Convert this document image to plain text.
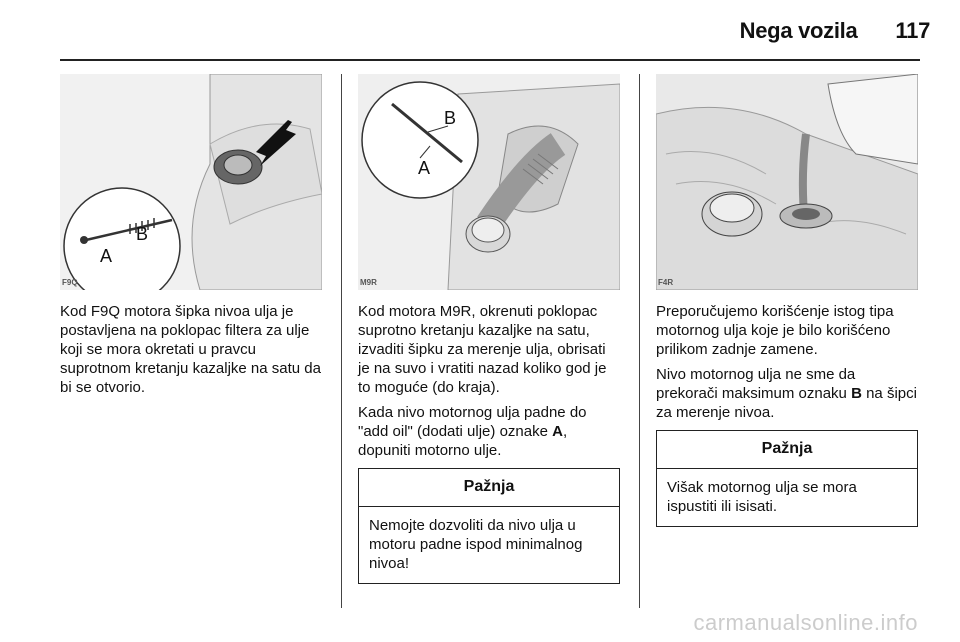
Nega vozila 117
A
B
F9Q

Kod F9Q motora šipka nivoa ulja je postavljena na poklopac filtera za ulje koji se mora okretati u pravcu suprotnom kretanju kazaljke na satu da bi se otvorio.

B
A
M9R

Kod motora M9R, okrenuti poklopac suprotno kretanju kazaljke na satu, izvaditi šipku za merenje ulja, obrisati je na suvo i vratiti nazad koliko god je to moguće (do kraja).

Kada nivo motornog ulja padne do "add oil" (dodati ulje) oznake A, dopuniti motorno ulje.

Pažnja
Nemojte dozvoliti da nivo ulja u motoru padne ispod minimalnog nivoa!
F4R

Preporučujemo korišćenje istog tipa motornog ulja koje je bilo korišćeno prilikom zadnje zamene.

Nivo motornog ulja ne sme da prekorači maksimum oznaku B na šipci za merenje nivoa.

Pažnja
Višak motornog ulja se mora ispustiti ili isisati.
carmanualsonline.info
